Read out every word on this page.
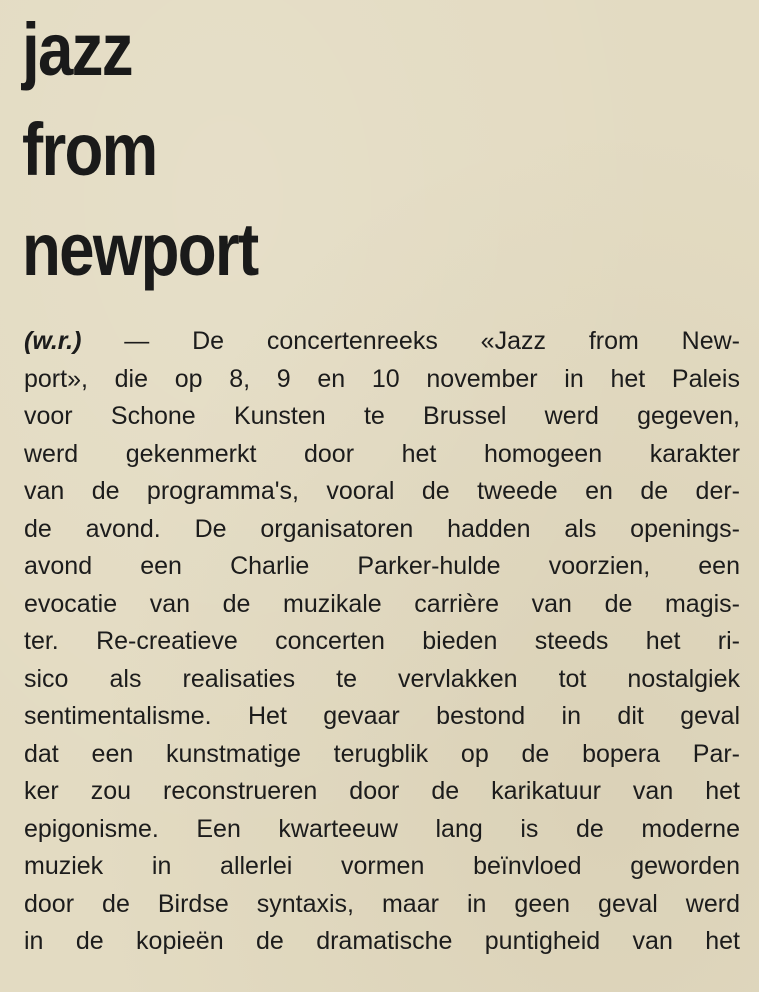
jazz
from
newport

(w.r.) — De concertenreeks «Jazz from New-
port», die op 8, 9 en 10 november in het Paleis
voor Schone Kunsten te Brussel werd gegeven,
werd gekenmerkt door het homogeen karakter
van de programma's, vooral de tweede en de der-
de avond. De organisatoren hadden als openings-
avond een Charlie Parker-hulde voorzien, een
evocatie van de muzikale carrière van de magis-
ter. Re-creatieve concerten bieden steeds het ri-
sico als realisaties te vervlakken tot nostalgiek
sentimentalisme. Het gevaar bestond in dit geval
dat een kunstmatige terugblik op de bopera Par-
ker zou reconstrueren door de karikatuur van het
epigonisme. Een kwarteeuw lang is de moderne
muziek in allerlei vormen beïnvloed geworden
door de Birdse syntaxis, maar in geen geval werd
in de kopieën de dramatische puntigheid van het
